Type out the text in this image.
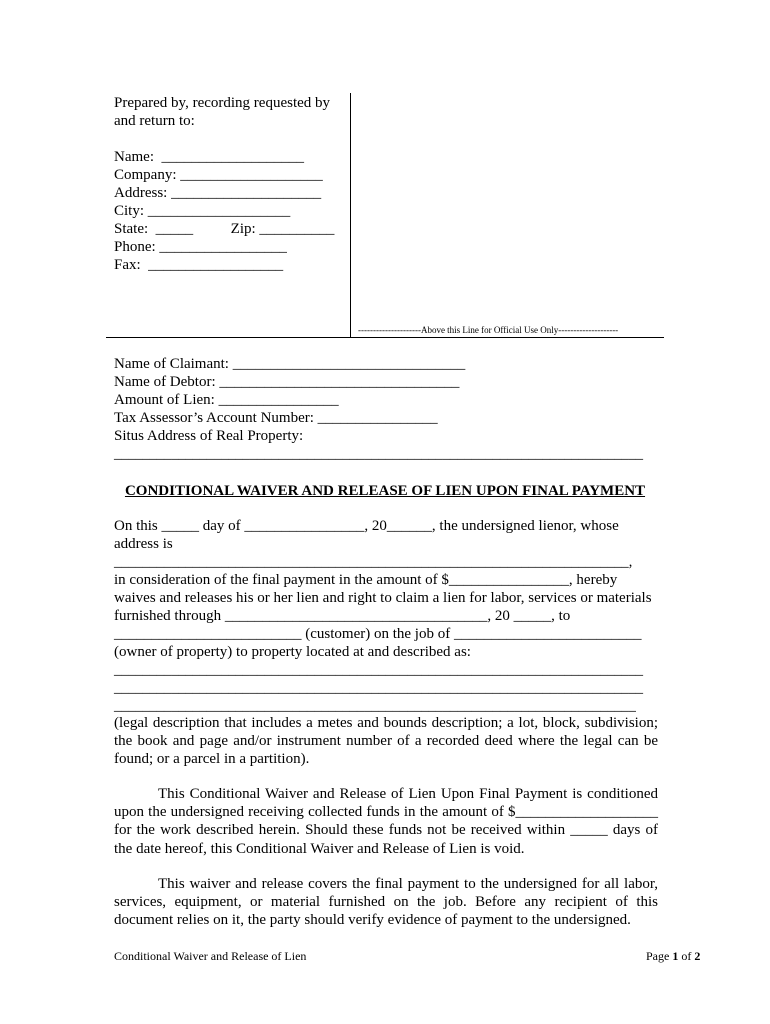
Prepared by, recording requested by
and return to:
Name:  ___________________
Company: ___________________
Address: ____________________
City: ___________________
State:  _____          Zip: __________
Phone: _________________
Fax:  __________________
---------------------Above this Line for Official Use Only--------------------
Name of Claimant: _______________________________
Name of Debtor: ________________________________
Amount of Lien: ________________
Tax Assessor’s Account Number: ________________
Situs Address of Real Property:
__________________________________________________________________________
CONDITIONAL WAIVER AND RELEASE OF LIEN UPON FINAL PAYMENT
On this _____ day of ________________, 20______, the undersigned lienor, whose
address is
________________________________________________________________________,
in consideration of the final payment in the amount of $________________, hereby
waives and releases his or her lien and right to claim a lien for labor, services or materials
furnished through ___________________________________, 20 _____, to
_________________________ (customer) on the job of _________________________
(owner of property) to property located at and described as:
__________________________________________________________________________
__________________________________________________________________________
_________________________________________________________________________
(legal description that includes a metes and bounds description; a lot, block, subdivision; the book and page and/or instrument number of a recorded deed where the legal can be found; or a parcel in a partition).
This Conditional Waiver and Release of Lien Upon Final Payment is conditioned upon the undersigned receiving collected funds in the amount of $___________________ for the work described herein. Should these funds not be received within _____ days of the date hereof, this Conditional Waiver and Release of Lien is void.
This waiver and release covers the final payment to the undersigned for all labor, services, equipment, or material furnished on the job. Before any recipient of this document relies on it, the party should verify evidence of payment to the undersigned.
Conditional Waiver and Release of Lien	Page 1 of 2
